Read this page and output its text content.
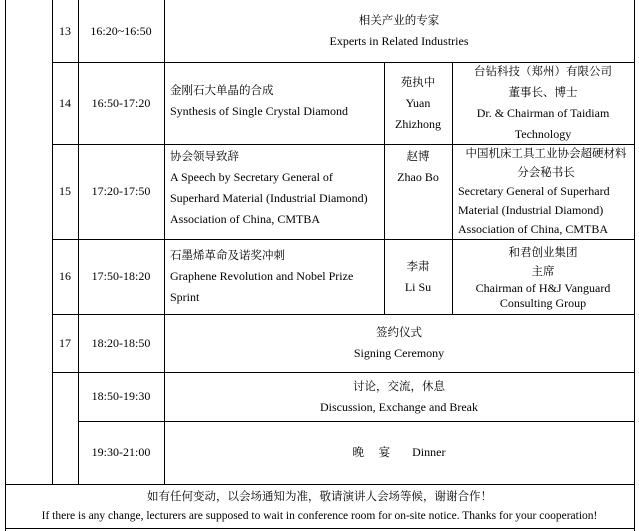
13 16:20~16:50
相关产业的专家
Experts in Related Industries
14 16:50-17:20
金刚石大单晶的合成
Synthesis of Single Crystal Diamond
苑执中
Yuan
Zhizhong
台钻科技（郑州）有限公司
董事长、博士
Dr. & Chairman of Taidiam
Technology
15 17:20-17:50
协会领导致辞
A Speech by Secretary General of
Superhard Material (Industrial Diamond)
Association of China, CMTBA
赵博
Zhao Bo
中国机床工具工业协会超硬材料
分会秘书长
Secretary General of Superhard
Material (Industrial Diamond)
Association of China, CMTBA
16 17:50-18:20
石墨烯革命及诺奖冲刺
Graphene Revolution and Nobel Prize
Sprint
李肃
Li Su
和君创业集团
主席
Chairman of H&J Vanguard
Consulting Group
17 18:20-18:50
签约仪式
Signing Ceremony
18:50-19:30
讨论，交流，休息
Discussion, Exchange and Break
19:30-21:00	晚    宴 Dinner
如有任何变动，以会场通知为准，敬请演讲人会场等候，谢谢合作！
If there is any change, lecturers are supposed to wait in conference room for on-site notice. Thanks for your cooperation!
